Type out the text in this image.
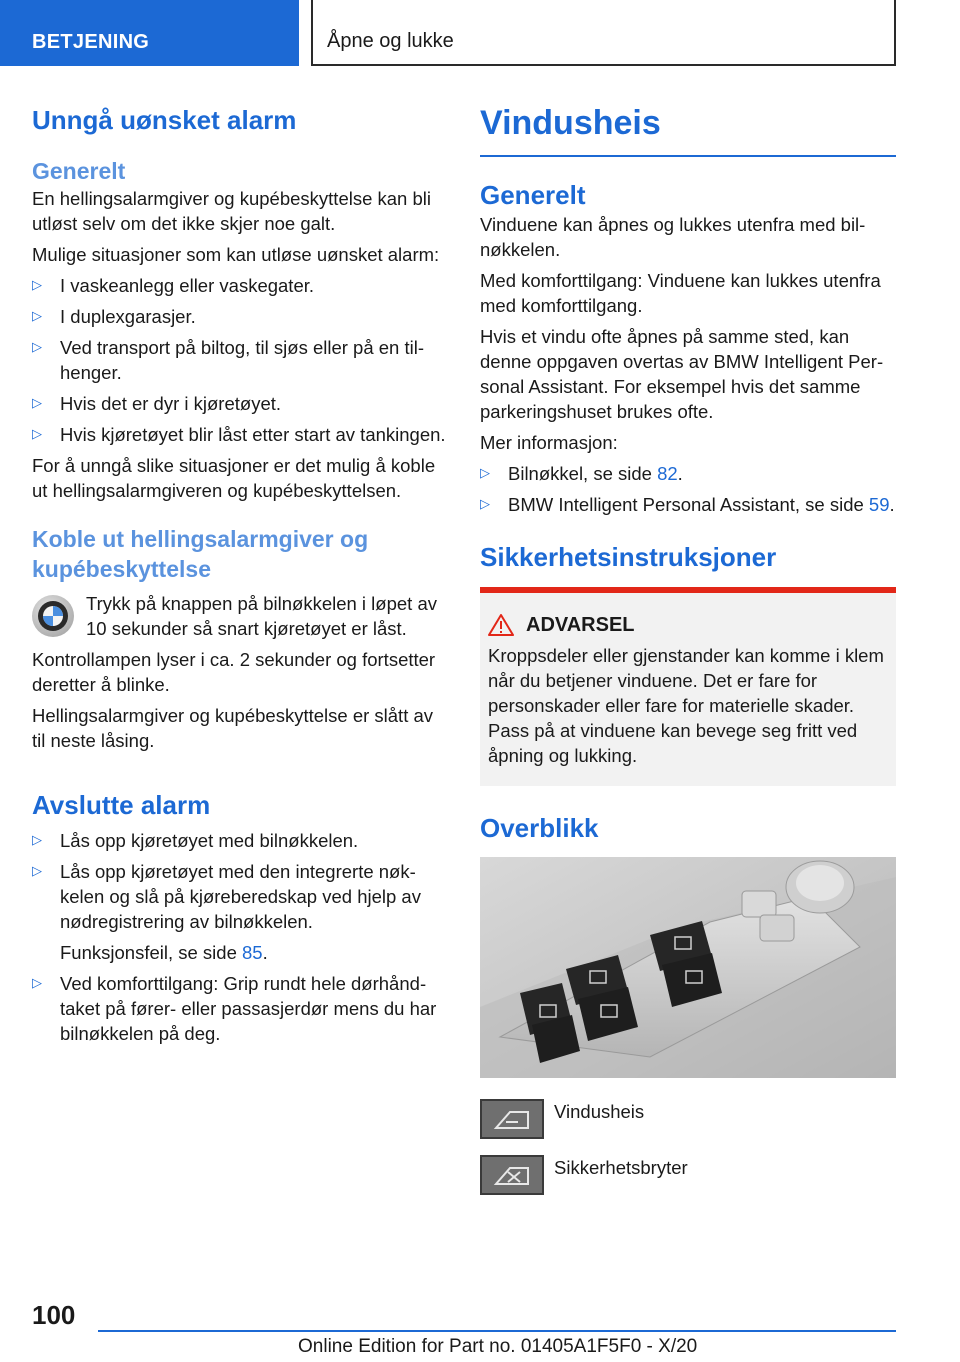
BETJENING	Åpne og lukke
Unngå uønsket alarm
Generelt

En hellingsalarmgiver og kupébeskyttelse kan bli utløst selv om det ikke skjer noe galt.

Mulige situasjoner som kan utløse uønsket alarm:

▷ I vaskeanlegg eller vaskegater.
▷ I duplexgarasjer.
▷ Ved transport på biltog, til sjøs eller på en tilhenger.
▷ Hvis det er dyr i kjøretøyet.
▷ Hvis kjøretøyet blir låst etter start av tankingen.

For å unngå slike situasjoner er det mulig å koble ut hellingsalarmgiveren og kupébeskyttelsen.

Koble ut hellingsalarmgiver og kupébeskyttelse

Trykk på knappen på bilnøkkelen i løpet av 10 sekunder så snart kjøretøyet er låst.

Kontrollampen lyser i ca. 2 sekunder og fortsetter deretter å blinke.

Hellingsalarmgiver og kupébeskyttelse er slått av til neste låsing.

Avslutte alarm
▷ Lås opp kjøretøyet med bilnøkkelen.
▷ Lås opp kjøretøyet med den integrerte nøkkelen og slå på kjøreberedskap ved hjelp av nødregistrering av bilnøkkelen.
Funksjonsfeil, se side 85.
▷ Ved komforttilgang: Grip rundt hele dørhåndtaket på fører- eller passasjerdør mens du har bilnøkkelen på deg.
Vindusheis
Generelt

Vinduene kan åpnes og lukkes utenfra med bilnøkkelen.

Med komforttilgang: Vinduene kan lukkes utenfra med komforttilgang.

Hvis et vindu ofte åpnes på samme sted, kan denne oppgaven overtas av BMW Intelligent Personal Assistant. For eksempel hvis det samme parkeringshuset brukes ofte.

Mer informasjon:

▷ Bilnøkkel, se side 82.
▷ BMW Intelligent Personal Assistant, se side 59.
Sikkerhetsinstruksjoner
ADVARSEL

Kroppsdeler eller gjenstander kan komme i klem når du betjener vinduene. Det er fare for personskader eller fare for materielle skader. Pass på at vinduene kan bevege seg fritt ved åpning og lukking.

Overblikk

Vindusheis

Sikkerhetsbryter

100
Online Edition for Part no. 01405A1F5F0 - X/20
